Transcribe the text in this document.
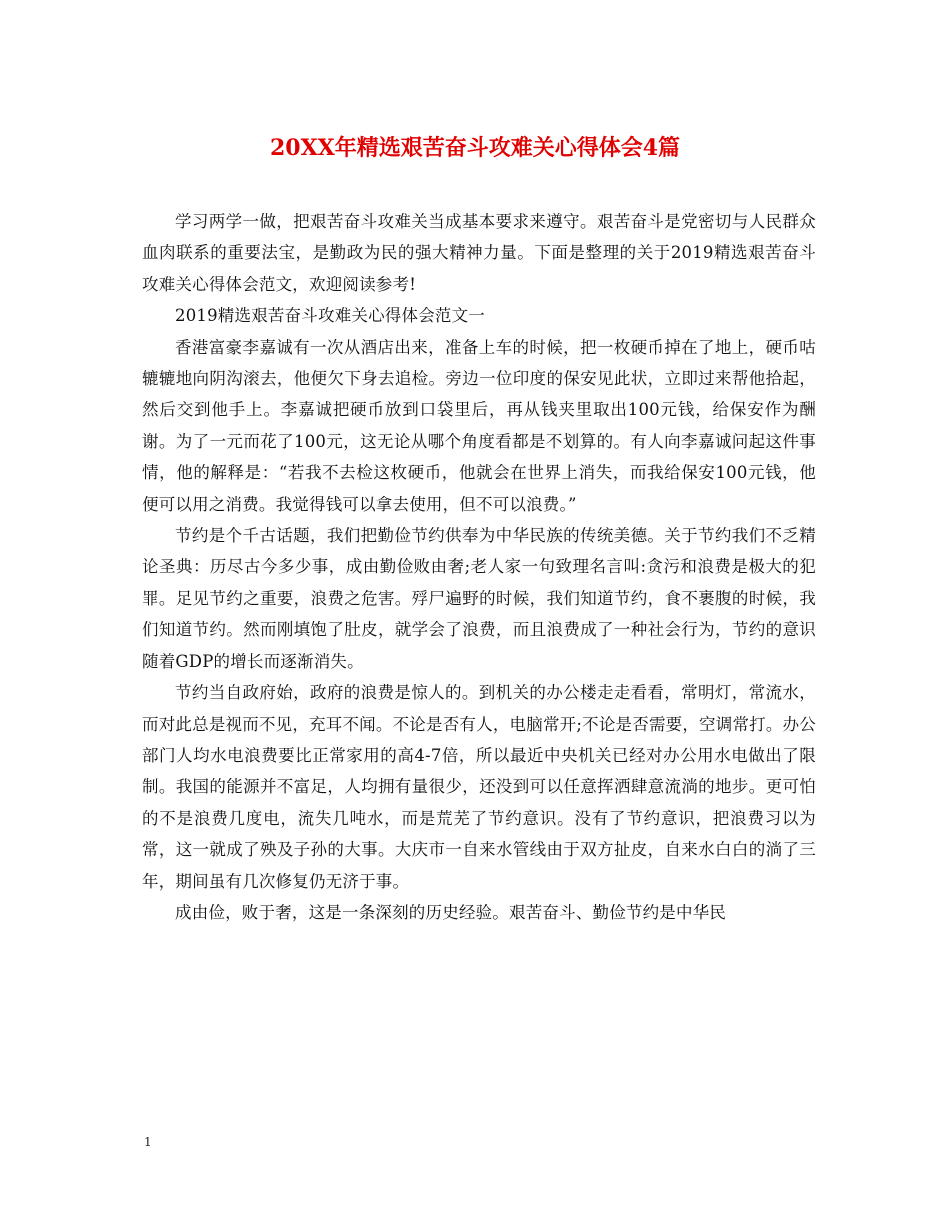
20XX年精选艰苦奋斗攻难关心得体会4篇

学习两学一做，把艰苦奋斗攻难关当成基本要求来遵守。艰苦奋斗是党密切与人民群众血肉联系的重要法宝，是勤政为民的强大精神力量。下面是整理的关于2019精选艰苦奋斗攻难关心得体会范文，欢迎阅读参考!

2019精选艰苦奋斗攻难关心得体会范文一

香港富豪李嘉诚有一次从酒店出来，准备上车的时候，把一枚硬币掉在了地上，硬币咕辘辘地向阴沟滚去，他便欠下身去追检。旁边一位印度的保安见此状，立即过来帮他拾起，然后交到他手上。李嘉诚把硬币放到口袋里后，再从钱夹里取出100元钱，给保安作为酬谢。为了一元而花了100元，这无论从哪个角度看都是不划算的。有人向李嘉诚问起这件事情，他的解释是：“若我不去检这枚硬币，他就会在世界上消失，而我给保安100元钱，他便可以用之消费。我觉得钱可以拿去使用，但不可以浪费。”

节约是个千古话题，我们把勤俭节约供奉为中华民族的传统美德。关于节约我们不乏精论圣典：历尽古今多少事，成由勤俭败由奢;老人家一句致理名言叫:贪污和浪费是极大的犯罪。足见节约之重要，浪费之危害。殍尸遍野的时候，我们知道节约，食不裹腹的时候，我们知道节约。然而刚填饱了肚皮，就学会了浪费，而且浪费成了一种社会行为，节约的意识随着GDP的增长而逐渐消失。

节约当自政府始，政府的浪费是惊人的。到机关的办公楼走走看看，常明灯，常流水，而对此总是视而不见，充耳不闻。不论是否有人，电脑常开;不论是否需要，空调常打。办公部门人均水电浪费要比正常家用的高4-7倍，所以最近中央机关已经对办公用水电做出了限制。我国的能源并不富足，人均拥有量很少，还没到可以任意挥洒肆意流淌的地步。更可怕的不是浪费几度电，流失几吨水，而是荒芜了节约意识。没有了节约意识，把浪费习以为常，这一就成了殃及子孙的大事。大庆市一自来水管线由于双方扯皮，自来水白白的淌了三年，期间虽有几次修复仍无济于事。

成由俭，败于奢，这是一条深刻的历史经验。艰苦奋斗、勤俭节约是中华民

1
